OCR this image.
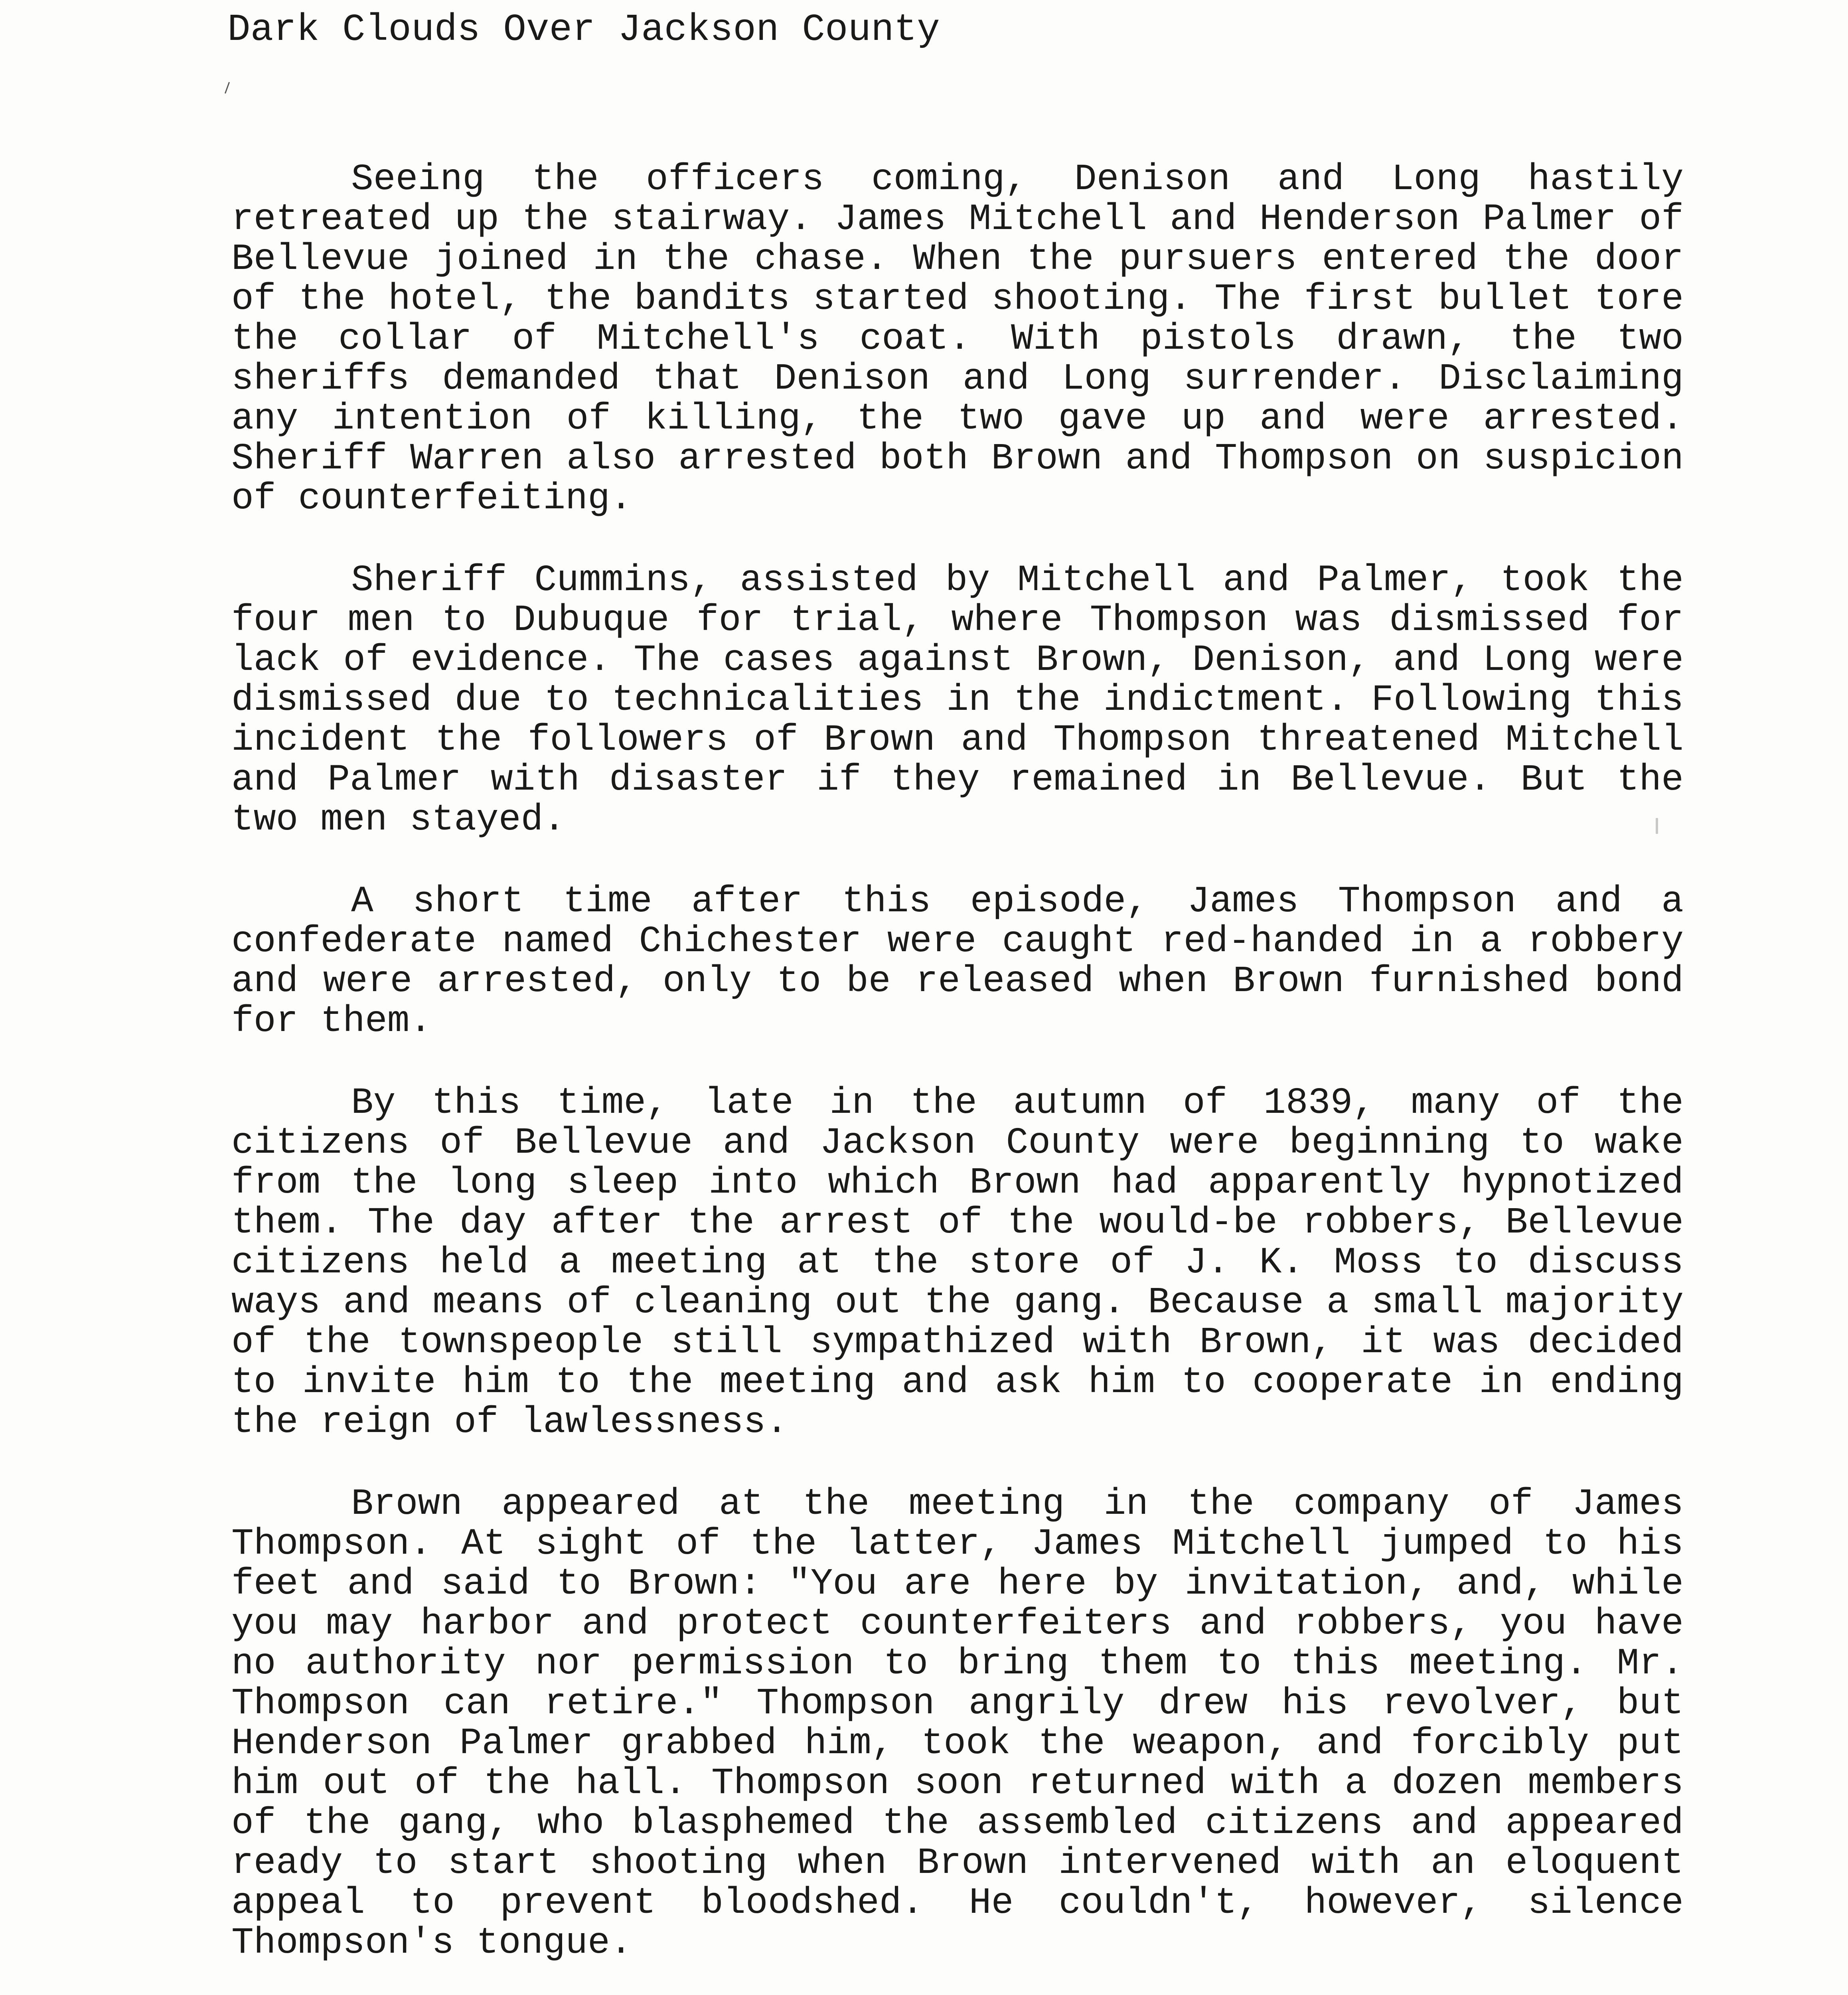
Dark Clouds Over Jackson County

Seeing the officers coming, Denison and Long hastily retreated up the stairway. James Mitchell and Henderson Palmer of Bellevue joined in the chase. When the pursuers entered the door of the hotel, the bandits started shooting. The first bullet tore the collar of Mitchell's coat. With pistols drawn, the two sheriffs demanded that Denison and Long surrender. Disclaiming any intention of killing, the two gave up and were arrested. Sheriff Warren also arrested both Brown and Thompson on suspicion of counterfeiting.

Sheriff Cummins, assisted by Mitchell and Palmer, took the four men to Dubuque for trial, where Thompson was dismissed for lack of evidence. The cases against Brown, Denison, and Long were dismissed due to technicalities in the indictment. Following this incident the followers of Brown and Thompson threatened Mitchell and Palmer with disaster if they remained in Bellevue. But the two men stayed.

A short time after this episode, James Thompson and a confederate named Chichester were caught red-handed in a robbery and were arrested, only to be released when Brown furnished bond for them.

By this time, late in the autumn of 1839, many of the citizens of Bellevue and Jackson County were beginning to wake from the long sleep into which Brown had apparently hypnotized them. The day after the arrest of the would-be robbers, Bellevue citizens held a meeting at the store of J. K. Moss to discuss ways and means of cleaning out the gang. Because a small majority of the townspeople still sympathized with Brown, it was decided to invite him to the meeting and ask him to cooperate in ending the reign of lawlessness.

Brown appeared at the meeting in the company of James Thompson. At sight of the latter, James Mitchell jumped to his feet and said to Brown: "You are here by invitation, and, while you may harbor and protect counterfeiters and robbers, you have no authority nor permission to bring them to this meeting. Mr. Thompson can retire." Thompson angrily drew his revolver, but Henderson Palmer grabbed him, took the weapon, and forcibly put him out of the hall. Thompson soon returned with a dozen members of the gang, who blasphemed the assembled citizens and appeared ready to start shooting when Brown intervened with an eloquent appeal to prevent bloodshed. He couldn't, however, silence Thompson's tongue.
